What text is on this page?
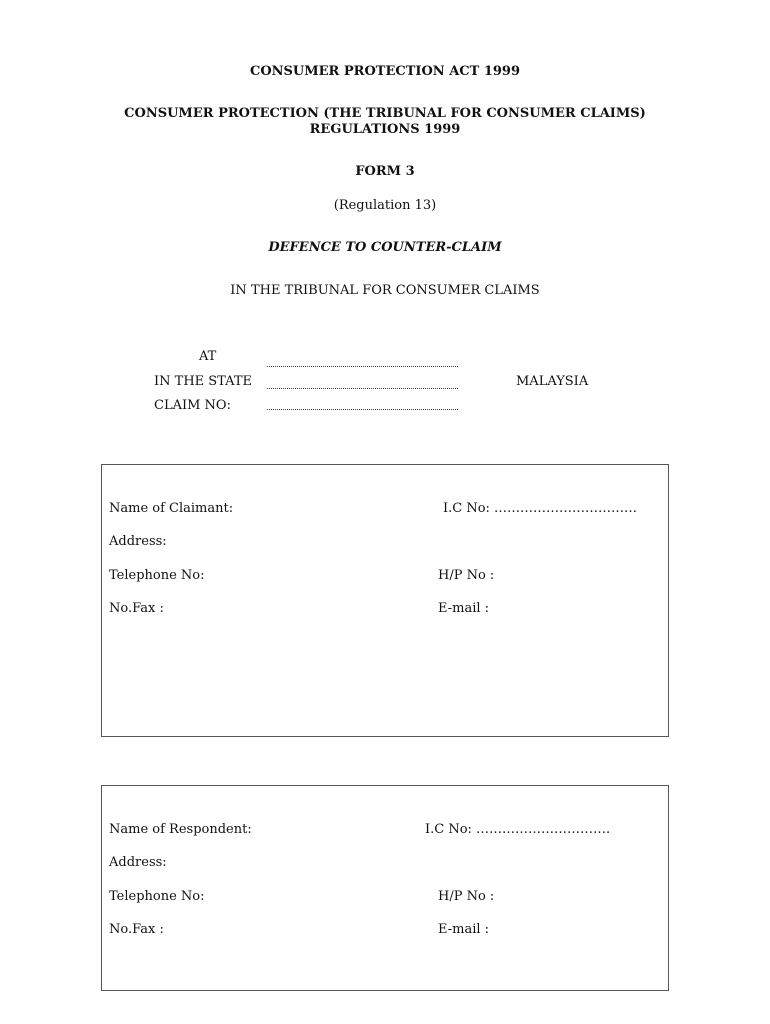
CONSUMER PROTECTION ACT 1999
CONSUMER PROTECTION (THE TRIBUNAL FOR CONSUMER CLAIMS)
REGULATIONS 1999
FORM 3
(Regulation 13)
DEFENCE TO COUNTER-CLAIM
IN THE TRIBUNAL FOR CONSUMER CLAIMS
AT
IN THE STATE	MALAYSIA
CLAIM NO:
Name of Claimant:	I.C No: ……………………………
Address:
Telephone No:	H/P No :
No.Fax :	E-mail :
Name of Respondent:	I.C No: ………………………….
Address:
Telephone No:	H/P No :
No.Fax :	E-mail :
